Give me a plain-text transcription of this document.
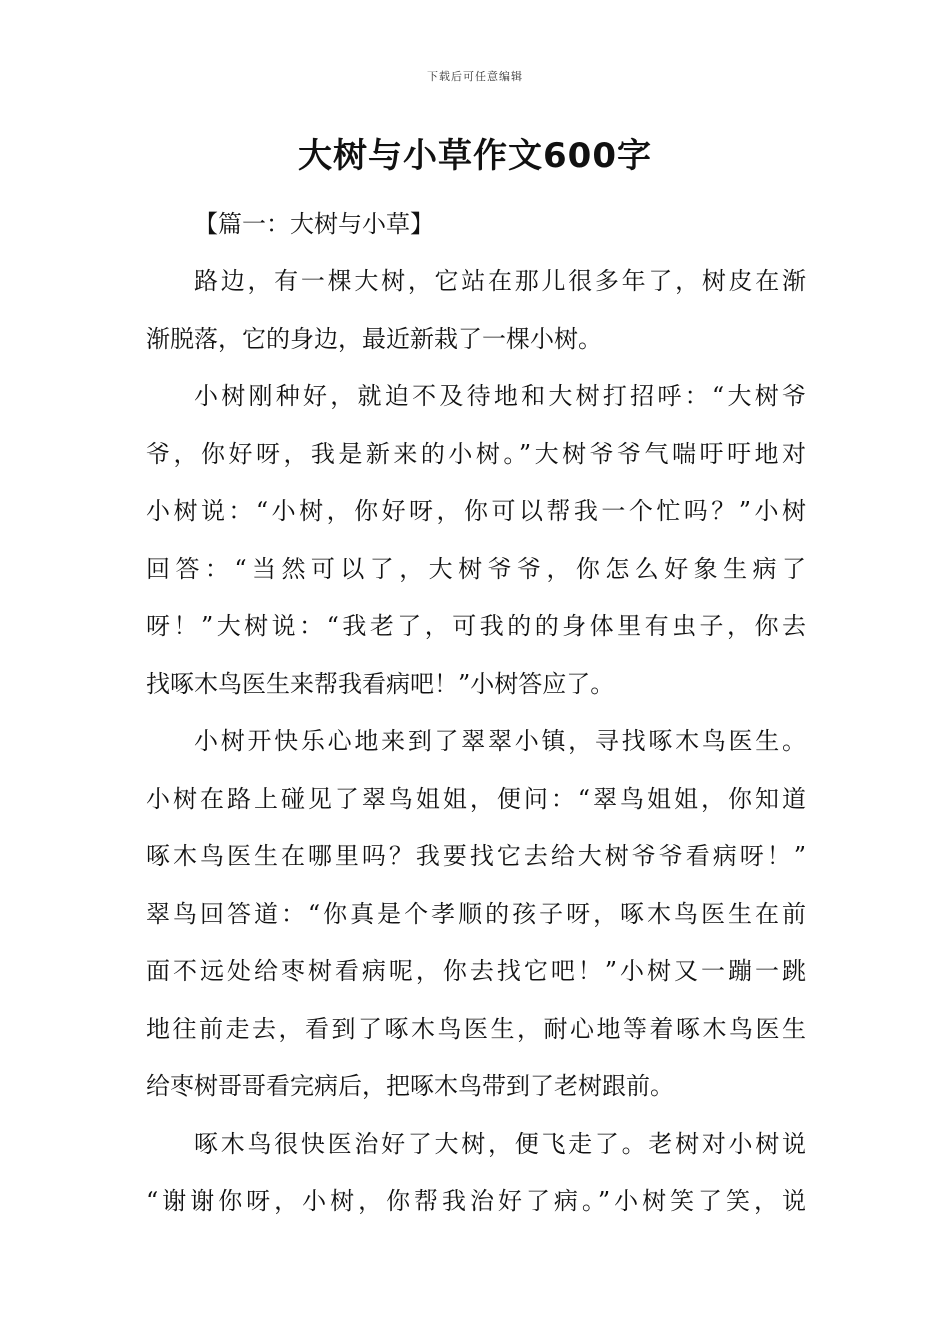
下载后可任意编辑
大树与小草作文600字
【篇一：大树与小草】
路边，有一棵大树，它站在那儿很多年了，树皮在渐
渐脱落，它的身边，最近新栽了一棵小树。
小树刚种好，就迫不及待地和大树打招呼：“大树爷
爷，你好呀，我是新来的小树。”大树爷爷气喘吁吁地对
小树说：“小树，你好呀，你可以帮我一个忙吗？”小树
回答：“当然可以了，大树爷爷，你怎么好象生病了
呀！”大树说：“我老了，可我的的身体里有虫子，你去
找啄木鸟医生来帮我看病吧！”小树答应了。
小树开快乐心地来到了翠翠小镇，寻找啄木鸟医生。
小树在路上碰见了翠鸟姐姐，便问：“翠鸟姐姐，你知道
啄木鸟医生在哪里吗？我要找它去给大树爷爷看病呀！”
翠鸟回答道：“你真是个孝顺的孩子呀，啄木鸟医生在前
面不远处给枣树看病呢，你去找它吧！”小树又一蹦一跳
地往前走去，看到了啄木鸟医生，耐心地等着啄木鸟医生
给枣树哥哥看完病后，把啄木鸟带到了老树跟前。
啄木鸟很快医治好了大树，便飞走了。老树对小树说
“谢谢你呀，小树，你帮我治好了病。”小树笑了笑，说
